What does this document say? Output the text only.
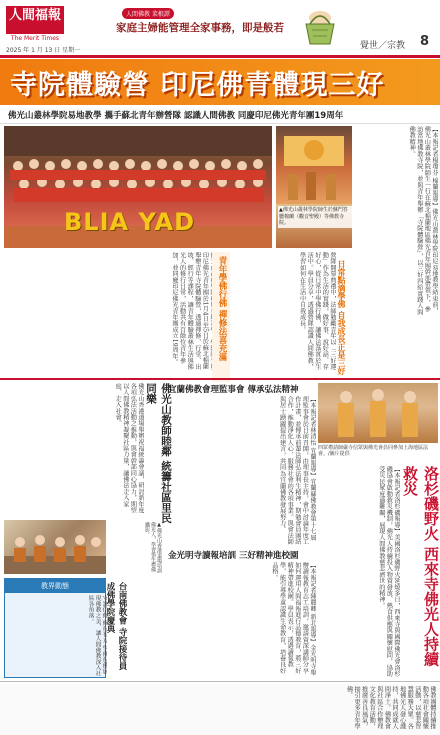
人間福報
The Merit Times
2025 年 1 月 13 日 星期一
人間佛教 菜根譚
家庭主婦能管理全家事務，即是般若
覺世／宗教 8
寺院體驗營 印尼佛青體現三好
佛光山叢林學院易地教學 攜手蘇北青年辦營隊 認識人間佛教 同慶印尼佛光青年團19周年
BLIA YAD	▲佛光山叢林學院師生於蘇門答臘棉蘭（觀音聖殿）等佛教寺院。	【本報記者楊瓊芬 棉蘭報導】佛光山叢林學院印尼易地教學結束前，佛光山叢林學院師生一行在蘇北棉蘭地區佛光青年團幹部帶領下，參訪當地佛教寺院，並與青年舉辦「寺院體驗營」，以三好四給實踐人間佛教精神。
印尼佛光青年團於1月4日至5日於蘇北棉蘭舉辦青年寺院體驗營，透過禪修、行堂、出坡、經行等課程，讓青年體驗叢林生活與佛光人的修行日常，活動共有百餘位青年參加，並同慶印尼佛光青年團成立19周年。
青年學佛行佛 禪修法喜充滿	營隊開幕典禮中，法師勉勵青年以「三好運動」作為生活的實踐，做好事、說好話、存好心，從日常中學佛行佛，讓佛法落實於生活中。學員分享，透過營隊認識人間佛教，學習如何在生活中自我成長。	日常點滴學佛 自我成長正是三好
佛光山香港道場舉辦祝福統籌會議，研討新年度各項弘法活動之推動，與會幹部同心協力，期望以人間佛教精神凝聚社區力量，讓佛法走入家庭、走入社會。	佛光山教師睦鄰 統籌社區里民同樂
▲佛光山香港道場培訓佛光人，學習惜生禮佛攝影。
宜蘭佛教會理監事會 傳承弘法精神
【本報記者林清怡 宜蘭報導】宜蘭縣佛教會第十七屆理監事會於日前召開，由理事長主持，會中討論年度工作計畫，並傳承前輩法師弘法利生精神，期勉會員團結合作，推動淨化人心、服務社會的各項事業。與會法師與居士踴躍提出建言，共同為宜蘭佛教發展努力。
金光明寺讀報培訓 三好精神進校園
【本報記者陳麗卿 新北報導】金光明寺舉辦讀報教育志工培訓，邀請資深講師分享如何運用人間福報進行品德教育，將三好精神帶進校園。學員表示，透過讀報教學，能引導學童認識生命教育，培養良好品格。
四眾禮請師嚴寺信眾與佛光會員同參加上海地區法會。/圖片提供
【本報記者洛杉磯報導】美國洛杉磯野火延燒多日，西來寺與國際佛光會洛杉磯協會啟動救災機制，佛光人持續投入物資發放、熱食供應與關懷慰問，協助受災民眾度過難關，展現人間佛教慈悲濟世的精神。	洛杉磯野火 西來寺佛光人持續救災
教界動態
守護信仰 修行有方 學佛行佛展現佛教之美，讓人間佛教深入社區各角落。	台南佛教會 寺院接待員成佛學院慶典
佛教團體持續推動各項社會關懷活動，以慈悲智慧服務大眾。各地佛光人發心護持，共同成就人間淨土。佛教會與社區合作辦理文化教育活動，推廣善良風氣，接引更多青年學佛。
